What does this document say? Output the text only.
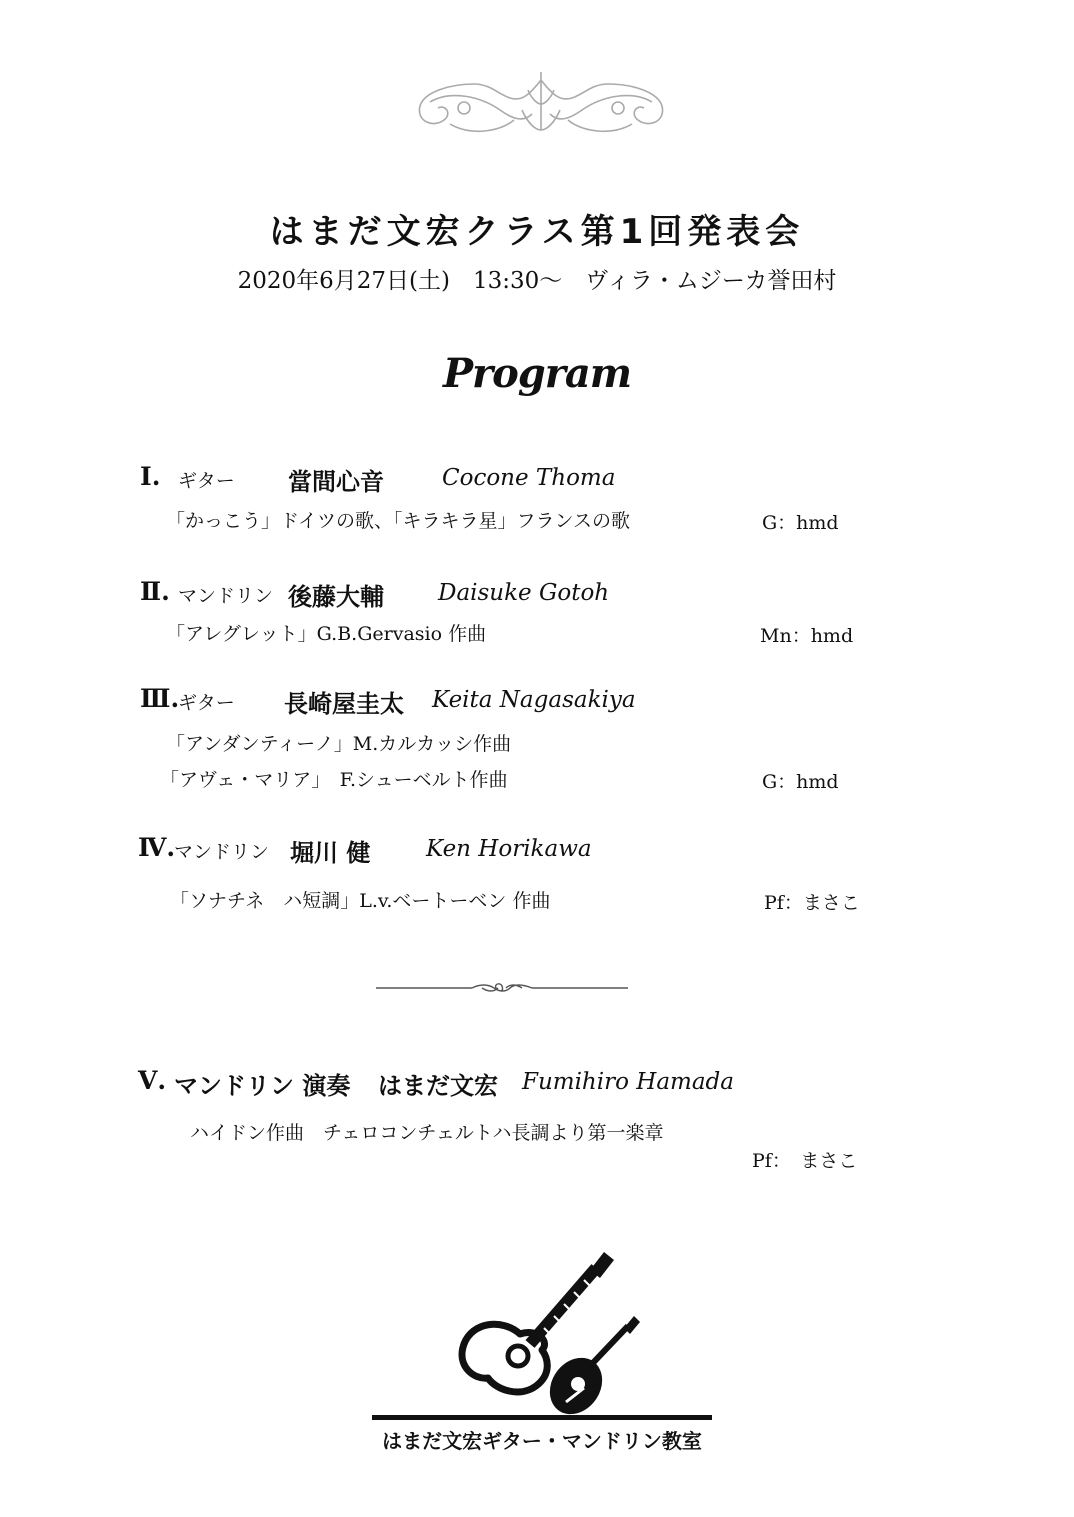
はまだ文宏クラス第1回発表会
2020年6月27日(土)　13:30～　ヴィラ・ムジーカ誉田村
Program
Ⅰ. ギター 當間心音	Cocone Thoma
「かっこう」ドイツの歌、「キラキラ星」フランスの歌	G：hmd
Ⅱ. マンドリン 後藤大輔 Daisuke Gotoh
「アレグレット」G.B.Gervasio 作曲	Mn：hmd
Ⅲ.
ギター 長崎屋圭太 Keita Nagasakiya
「アンダンティーノ」M.カルカッシ作曲
「アヴェ・マリア」　F.シューベルト作曲	G：hmd
Ⅳ.
マンドリン 堀川 健 Ken Horikawa
「ソナチネ　ハ短調」L.v.ベートーベン 作曲	Pf：まさこ
Ⅴ. マンドリン 演奏 はまだ文宏 Fumihiro Hamada
ハイドン作曲　チェロコンチェルトハ長調より第一楽章
Pf：　まさこ
はまだ文宏ギター・マンドリン教室
